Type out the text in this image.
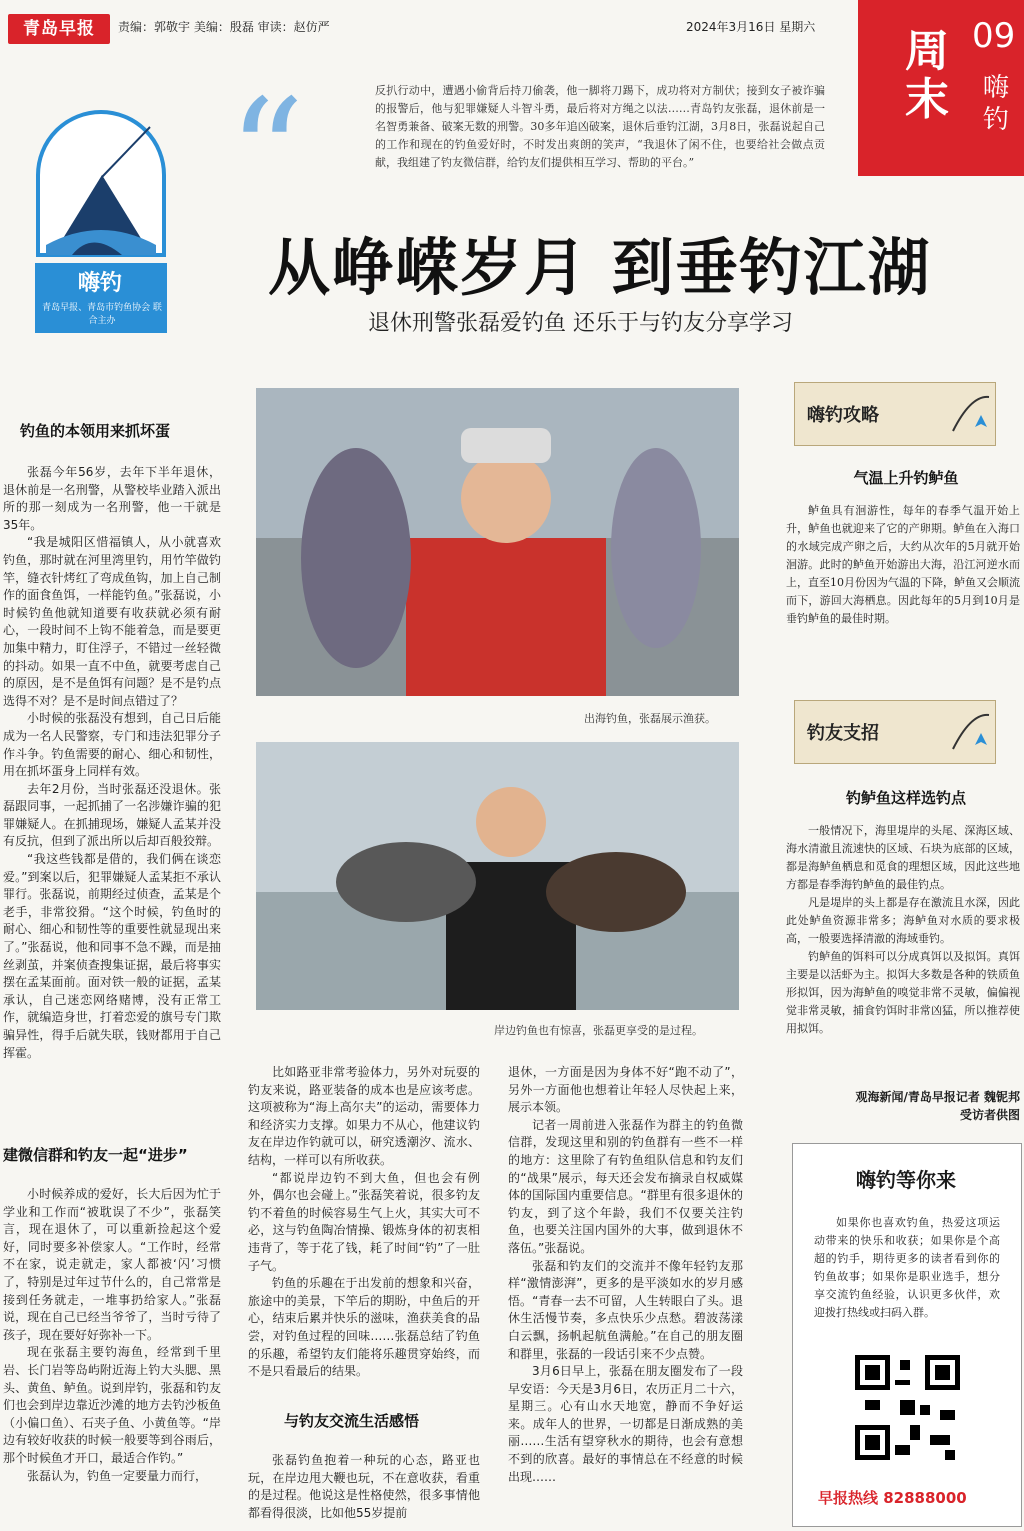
青岛早报	责编：郭敬宇 美编：殷磊 审读：赵仿严	2024年3月16日 星期六	09
周末	嗨钓
嗨钓
青岛早报、青岛市钓鱼协会 联合主办
“	反扒行动中，遭遇小偷背后持刀偷袭，他一脚将刀踢下，成功将对方制伏；接到女子被诈骗的报警后，他与犯罪嫌疑人斗智斗勇，最后将对方绳之以法……青岛钓友张磊，退休前是一名智勇兼备、破案无数的刑警。30多年追凶破案，退休后垂钓江湖，3月8日，张磊说起自己的工作和现在的钓鱼爱好时，不时发出爽朗的笑声，“我退休了闲不住，也要给社会做点贡献，我组建了钓友微信群，给钓友们提供相互学习、帮助的平台。”
从峥嵘岁月 到垂钓江湖
退休刑警张磊爱钓鱼 还乐于与钓友分享学习
钓鱼的本领用来抓坏蛋

张磊今年56岁，去年下半年退休，退休前是一名刑警，从警校毕业踏入派出所的那一刻成为一名刑警，他一干就是35年。

“我是城阳区惜福镇人，从小就喜欢钓鱼，那时就在河里湾里钓，用竹竿做钓竿，缝衣针烤红了弯成鱼钩，加上自己制作的面食鱼饵，一样能钓鱼。”张磊说，小时候钓鱼他就知道要有收获就必须有耐心，一段时间不上钩不能着急，而是要更加集中精力，盯住浮子，不错过一丝轻微的抖动。如果一直不中鱼，就要考虑自己的原因，是不是鱼饵有问题？是不是钓点选得不对？是不是时间点错过了？

小时候的张磊没有想到，自己日后能成为一名人民警察，专门和违法犯罪分子作斗争。钓鱼需要的耐心、细心和韧性，用在抓坏蛋身上同样有效。

去年2月份，当时张磊还没退休。张磊跟同事，一起抓捕了一名涉嫌诈骗的犯罪嫌疑人。在抓捕现场，嫌疑人孟某并没有反抗，但到了派出所以后却百般狡辩。

“我这些钱都是借的，我们俩在谈恋爱。”到案以后，犯罪嫌疑人孟某拒不承认罪行。张磊说，前期经过侦查，孟某是个老手，非常狡猾。“这个时候，钓鱼时的耐心、细心和韧性等的重要性就显现出来了。”张磊说，他和同事不急不躁，而是抽丝剥茧，并案侦查搜集证据，最后将事实摆在孟某面前。面对铁一般的证据，孟某承认，自己迷恋网络赌博，没有正常工作，就编造身世，打着恋爱的旗号专门欺骗异性，得手后就失联，钱财都用于自己挥霍。

建微信群和钓友一起“进步”

小时候养成的爱好，长大后因为忙于学业和工作而“被耽误了不少”，张磊笑言，现在退休了，可以重新捡起这个爱好，同时要多补偿家人。“工作时，经常不在家，说走就走，家人都被‘闪’习惯了，特别是过年过节什么的，自己常常是接到任务就走，一堆事扔给家人。”张磊说，现在自己已经当爷爷了，当时亏待了孩子，现在要好好弥补一下。

现在张磊主要钓海鱼，经常到千里岩、长门岩等岛屿附近海上钓大头腮、黑头、黄鱼、鲈鱼。说到岸钓，张磊和钓友们也会到岸边靠近沙滩的地方去钓沙板鱼（小偏口鱼）、石夹子鱼、小黄鱼等。“岸边有较好收获的时候一般要等到谷雨后，那个时候鱼才开口，最适合作钓。”

张磊认为，钓鱼一定要量力而行，

出海钓鱼，张磊展示渔获。
岸边钓鱼也有惊喜，张磊更享受的是过程。

比如路亚非常考验体力，另外对玩耍的钓友来说，路亚装备的成本也是应该考虑。这项被称为“海上高尔夫”的运动，需要体力和经济实力支撑。如果力不从心，他建议钓友在岸边作钓就可以，研究透潮汐、流水、结构，一样可以有所收获。

“都说岸边钓不到大鱼，但也会有例外，偶尔也会碰上。”张磊笑着说，很多钓友钓不着鱼的时候容易生气上火，其实大可不必，这与钓鱼陶冶情操、锻炼身体的初衷相违背了，等于花了钱，耗了时间“钓”了一肚子气。

钓鱼的乐趣在于出发前的想象和兴奋，旅途中的美景，下竿后的期盼，中鱼后的开心，结束后累并快乐的滋味，渔获美食的品尝，对钓鱼过程的回味……张磊总结了钓鱼的乐趣，希望钓友们能将乐趣贯穿始终，而不是只看最后的结果。

与钓友交流生活感悟

张磊钓鱼抱着一种玩的心态，路亚也玩，在岸边甩大鞭也玩，不在意收获，看重的是过程。他说这是性格使然，很多事情他都看得很淡，比如他55岁提前

退休，一方面是因为身体不好“跑不动了”，另外一方面他也想着让年轻人尽快起上来，展示本领。

记者一周前进入张磊作为群主的钓鱼微信群，发现这里和别的钓鱼群有一些不一样的地方：这里除了有钓鱼组队信息和钓友们的“战果”展示，每天还会发布摘录自权威媒体的国际国内重要信息。“群里有很多退休的钓友，到了这个年龄，我们不仅要关注钓鱼，也要关注国内国外的大事，做到退休不落伍。”张磊说。

张磊和钓友们的交流并不像年轻钓友那样“激情澎湃”，更多的是平淡如水的岁月感悟。“青春一去不可留，人生转眼白了头。退休生活慢节奏，多点快乐少点愁。碧波荡漾白云飘，扬帆起航鱼满舱。”在自己的朋友圈和群里，张磊的一段话引来不少点赞。

3月6日早上，张磊在朋友圈发布了一段早安语：今天是3月6日，农历正月二十六，星期三。心有山水天地宽，静而不争好运来。成年人的世界，一切都是日渐成熟的美丽……生活有望穿秋水的期待，也会有意想不到的欣喜。最好的事情总在不经意的时候出现……

嗨钓攻略
气温上升钓鲈鱼

鲈鱼具有洄游性，每年的春季气温开始上升，鲈鱼也就迎来了它的产卵期。鲈鱼在入海口的水域完成产卵之后，大约从次年的5月就开始洄游。此时的鲈鱼开始游出大海，沿江河逆水而上，直至10月份因为气温的下降，鲈鱼又会顺流而下，游回大海栖息。因此每年的5月到10月是垂钓鲈鱼的最佳时期。

钓友支招
钓鲈鱼这样选钓点

一般情况下，海里堤岸的头尾、深海区域、海水清澈且流速快的区域、石块为底部的区域，都是海鲈鱼栖息和觅食的理想区域，因此这些地方都是春季海钓鲈鱼的最佳钓点。

凡是堤岸的头上都是存在激流且水深，因此此处鲈鱼资源非常多；海鲈鱼对水质的要求极高，一般要选择清澈的海域垂钓。

钓鲈鱼的饵料可以分成真饵以及拟饵。真饵主要是以活虾为主。拟饵大多数是各种的铁质鱼形拟饵，因为海鲈鱼的嗅觉非常不灵敏，偏偏视觉非常灵敏，捕食钓饵时非常凶猛，所以推荐使用拟饵。

观海新闻/青岛早报记者 魏铌邦
受访者供图
嗨钓等你来
如果你也喜欢钓鱼，热爱这项运动带来的快乐和收获；如果你是个高超的钓手，期待更多的读者看到你的钓鱼故事；如果你是职业选手，想分享交流钓鱼经验，认识更多伙伴，欢迎拨打热线或扫码入群。
早报热线 82888000
